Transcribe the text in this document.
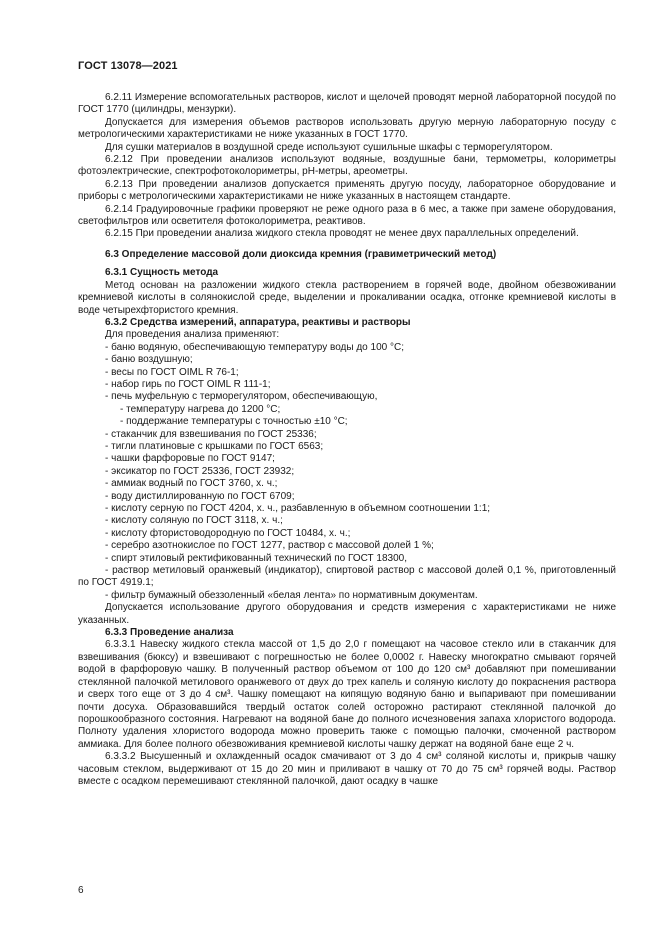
ГОСТ 13078—2021

6.2.11 Измерение вспомогательных растворов, кислот и щелочей проводят мерной лабораторной посудой по ГОСТ 1770 (цилиндры, мензурки).

Допускается для измерения объемов растворов использовать другую мерную лабораторную посуду с метрологическими характеристиками не ниже указанных в ГОСТ 1770.

Для сушки материалов в воздушной среде используют сушильные шкафы с терморегулятором.

6.2.12 При проведении анализов используют водяные, воздушные бани, термометры, колориметры фотоэлектрические, спектрофотоколориметры, рН-метры, ареометры.

6.2.13 При проведении анализов допускается применять другую посуду, лабораторное оборудование и приборы с метрологическими характеристиками не ниже указанных в настоящем стандарте.

6.2.14 Градуировочные графики проверяют не реже одного раза в 6 мес, а также при замене оборудования, светофильтров или осветителя фотоколориметра, реактивов.

6.2.15 При проведении анализа жидкого стекла проводят не менее двух параллельных определений.

6.3 Определение массовой доли диоксида кремния (гравиметрический метод)

6.3.1 Сущность метода

Метод основан на разложении жидкого стекла растворением в горячей воде, двойном обезвоживании кремниевой кислоты в солянокислой среде, выделении и прокаливании осадка, отгонке кремниевой кислоты в воде четырехфтористого кремния.

6.3.2 Средства измерений, аппаратура, реактивы и растворы

Для проведения анализа применяют:

- баню водяную, обеспечивающую температуру воды до 100 °С;

- баню воздушную;

- весы по ГОСТ OIML R 76-1;

- набор гирь по ГОСТ OIML R 111-1;

- печь муфельную с терморегулятором, обеспечивающую,

- температуру нагрева до 1200 °С;

- поддержание температуры с точностью ±10 °С;

- стаканчик для взвешивания по ГОСТ 25336;

- тигли платиновые с крышками по ГОСТ 6563;

- чашки фарфоровые по ГОСТ 9147;

- эксикатор по ГОСТ 25336, ГОСТ 23932;

- аммиак водный по ГОСТ 3760, х. ч.;

- воду дистиллированную по ГОСТ 6709;

- кислоту серную по ГОСТ 4204, х. ч., разбавленную в объемном соотношении 1:1;

- кислоту соляную по ГОСТ 3118, х. ч.;

- кислоту фтористоводородную по ГОСТ 10484, х. ч.;

- серебро азотнокислое по ГОСТ 1277, раствор с массовой долей 1 %;

- спирт этиловый ректификованный технический по ГОСТ 18300,

- раствор метиловый оранжевый (индикатор), спиртовой раствор с массовой долей 0,1 %, приготовленный по ГОСТ 4919.1;

- фильтр бумажный обеззоленный «белая лента» по нормативным документам.

Допускается использование другого оборудования и средств измерения с характеристиками не ниже указанных.

6.3.3 Проведение анализа

6.3.3.1 Навеску жидкого стекла массой от 1,5 до 2,0 г помещают на часовое стекло или в стаканчик для взвешивания (бюксу) и взвешивают с погрешностью не более 0,0002 г. Навеску многократно смывают горячей водой в фарфоровую чашку. В полученный раствор объемом от 100 до 120 см³ добавляют при помешивании стеклянной палочкой метилового оранжевого от двух до трех капель и соляную кислоту до покраснения раствора и сверх того еще от 3 до 4 см³. Чашку помещают на кипящую водяную баню и выпаривают при помешивании почти досуха. Образовавшийся твердый остаток солей осторожно растирают стеклянной палочкой до порошкообразного состояния. Нагревают на водяной бане до полного исчезновения запаха хлористого водорода. Полноту удаления хлористого водорода можно проверить также с помощью палочки, смоченной раствором аммиака. Для более полного обезвоживания кремниевой кислоты чашку держат на водяной бане еще 2 ч.

6.3.3.2 Высушенный и охлажденный осадок смачивают от 3 до 4 см³ соляной кислоты и, прикрыв чашку часовым стеклом, выдерживают от 15 до 20 мин и приливают в чашку от 70 до 75 см³ горячей воды. Раствор вместе с осадком перемешивают стеклянной палочкой, дают осадку в чашке

6
